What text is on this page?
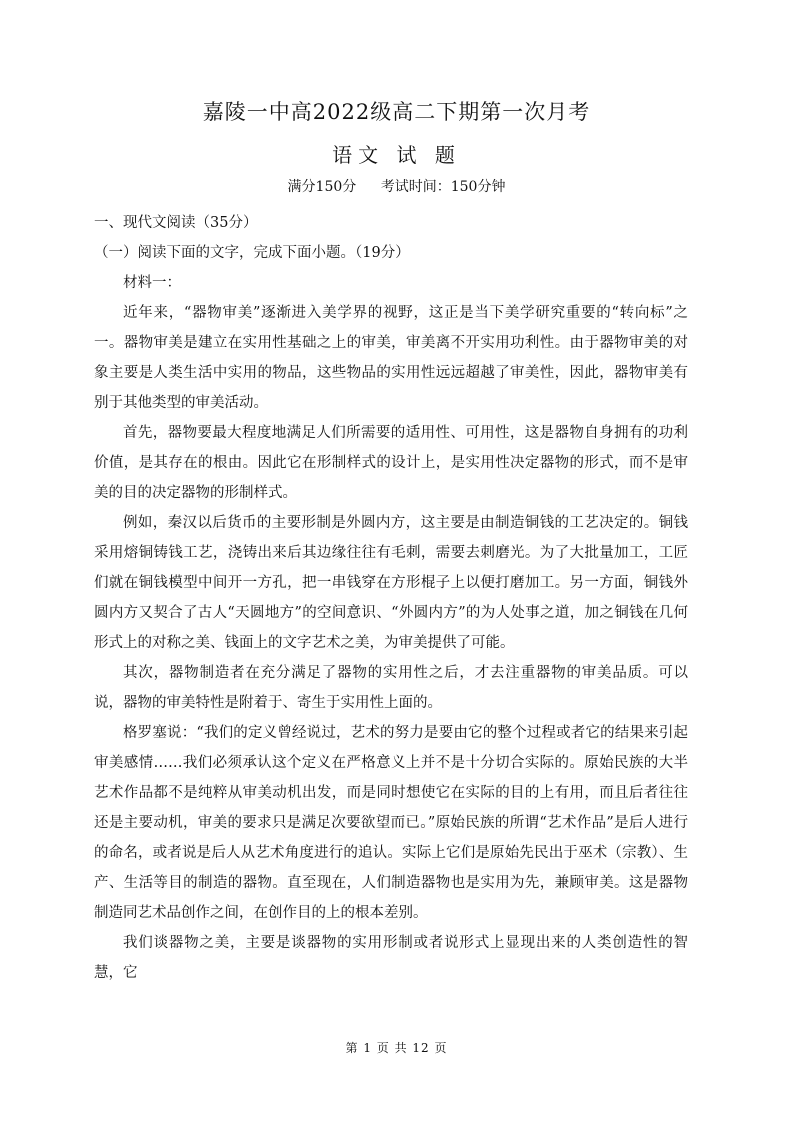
嘉陵一中高2022级高二下期第一次月考
语文 试 题
满分150分 考试时间：150分钟

一、现代文阅读（35分）

（一）阅读下面的文字，完成下面小题。（19分）

材料一：

近年来，“器物审美”逐渐进入美学界的视野，这正是当下美学研究重要的“转向标”之一。器物审美是建立在实用性基础之上的审美，审美离不开实用功利性。由于器物审美的对象主要是人类生活中实用的物品，这些物品的实用性远远超越了审美性，因此，器物审美有别于其他类型的审美活动。

首先，器物要最大程度地满足人们所需要的适用性、可用性，这是器物自身拥有的功利价值，是其存在的根由。因此它在形制样式的设计上，是实用性决定器物的形式，而不是审美的目的决定器物的形制样式。

例如，秦汉以后货币的主要形制是外圆内方，这主要是由制造铜钱的工艺决定的。铜钱采用熔铜铸钱工艺，浇铸出来后其边缘往往有毛刺，需要去刺磨光。为了大批量加工，工匠们就在铜钱模型中间开一方孔，把一串钱穿在方形棍子上以便打磨加工。另一方面，铜钱外圆内方又契合了古人“天圆地方”的空间意识、“外圆内方”的为人处事之道，加之铜钱在几何形式上的对称之美、钱面上的文字艺术之美，为审美提供了可能。

其次，器物制造者在充分满足了器物的实用性之后，才去注重器物的审美品质。可以说，器物的审美特性是附着于、寄生于实用性上面的。

格罗塞说：“我们的定义曾经说过，艺术的努力是要由它的整个过程或者它的结果来引起审美感情……我们必须承认这个定义在严格意义上并不是十分切合实际的。原始民族的大半艺术作品都不是纯粹从审美动机出发，而是同时想使它在实际的目的上有用，而且后者往往还是主要动机，审美的要求只是满足次要欲望而已。”原始民族的所谓“艺术作品”是后人进行的命名，或者说是后人从艺术角度进行的追认。实际上它们是原始先民出于巫术（宗教）、生产、生活等目的制造的器物。直至现在，人们制造器物也是实用为先，兼顾审美。这是器物制造同艺术品创作之间，在创作目的上的根本差别。

我们谈器物之美，主要是谈器物的实用形制或者说形式上显现出来的人类创造性的智慧，它

第 1 页 共 12 页
